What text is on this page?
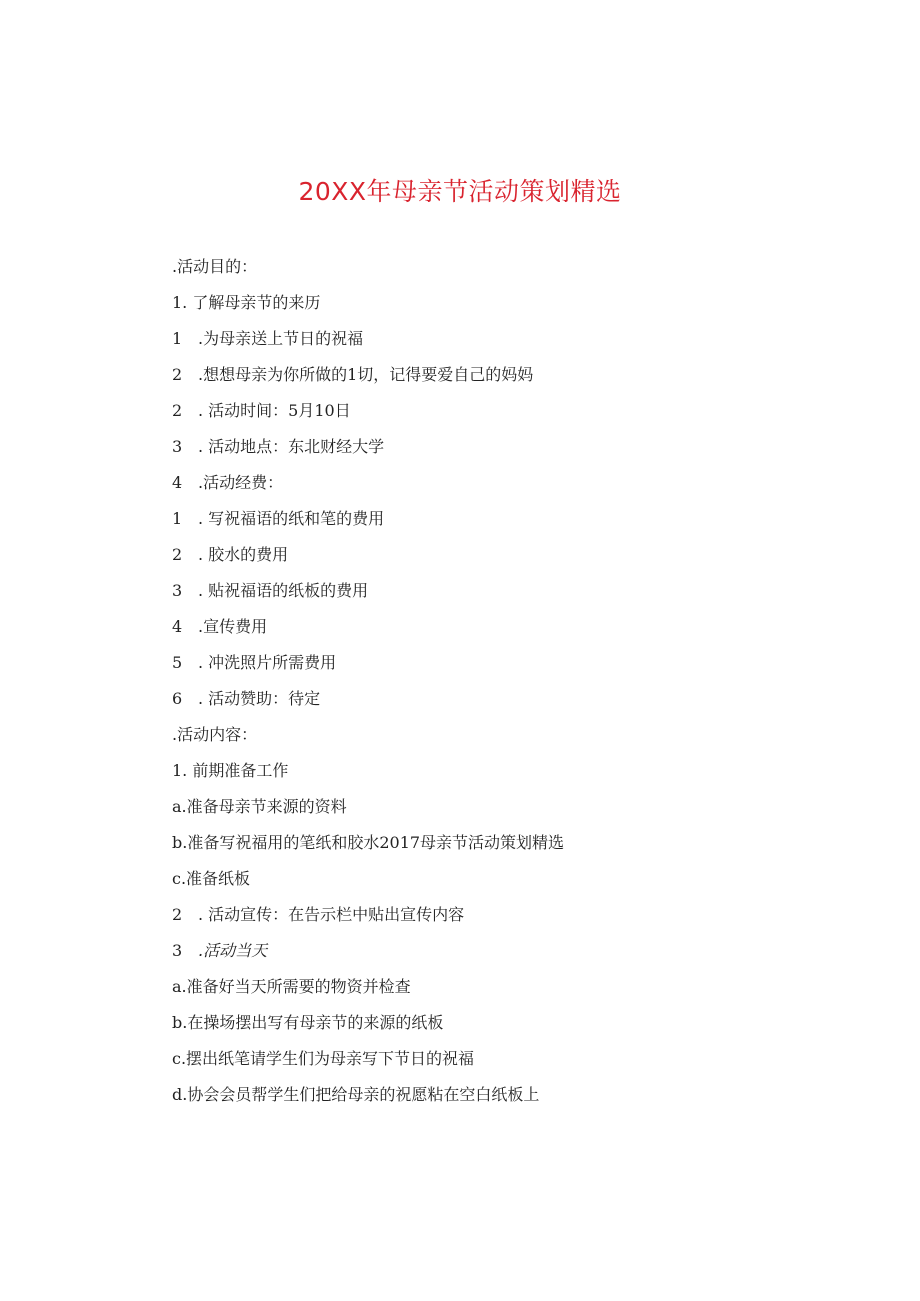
20XX年母亲节活动策划精选
.活动目的：
1. 了解母亲节的来历
1 .为母亲送上节日的祝福
2 .想想母亲为你所做的1切，记得要爱自己的妈妈
2 . 活动时间：5月10日
3 . 活动地点：东北财经大学
4 .活动经费：
1 . 写祝福语的纸和笔的费用
2 . 胶水的费用
3 . 贴祝福语的纸板的费用
4 .宣传费用
5 . 冲洗照片所需费用
6 . 活动赞助：待定
.活动内容：
1. 前期准备工作
a.准备母亲节来源的资料
b.准备写祝福用的笔纸和胶水2017母亲节活动策划精选
c.准备纸板
2 . 活动宣传：在告示栏中贴出宣传内容
3 .活动当天
a.准备好当天所需要的物资并检查
b.在操场摆出写有母亲节的来源的纸板
c.摆出纸笔请学生们为母亲写下节日的祝福
d.协会会员帮学生们把给母亲的祝愿粘在空白纸板上
